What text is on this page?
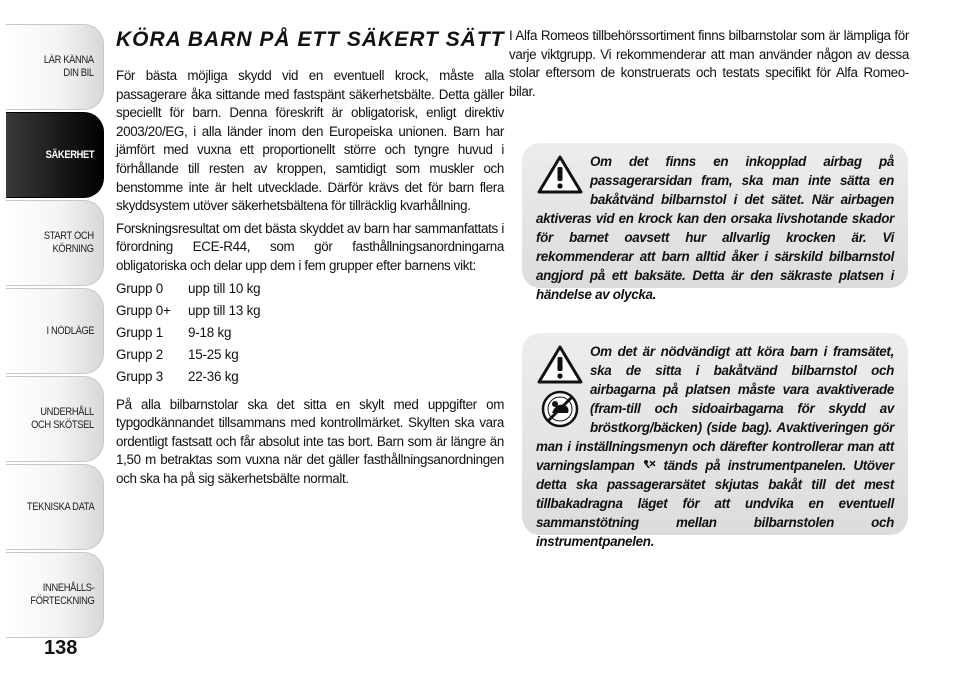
LÄR KÄNNA
DIN BIL
SÄKERHET
START OCH
KÖRNING
I NÖDLÄGE
UNDERHÅLL
OCH SKÖTSEL
TEKNISKA DATA
INNEHÅLLS-
FÖRTECKNING
138
KÖRA BARN PÅ ETT SÄKERT SÄTT

För bästa möjliga skydd vid en eventuell krock, måste alla passagerare åka sittande med fastspänt säkerhetsbälte. Detta gäller speciellt för barn. Denna föreskrift är obligatorisk, enligt direktiv 2003/20/EG, i alla länder inom den Europeiska unionen. Barn har jämfört med vuxna ett proportionellt större och tyngre huvud i förhållande till resten av kroppen, samtidigt som muskler och benstomme inte är helt utvecklade. Därför krävs det för barn flera skyddsystem utöver säkerhetsbältena för tillräcklig kvarhållning.

Forskningsresultat om det bästa skyddet av barn har sammanfattats i förordning ECE-R44, som gör fasthållningsanordningarna obligatoriska och delar upp dem i fem grupper efter barnens vikt:

Grupp 0	upp till 10 kg
Grupp 0+	upp till 13 kg
Grupp 1	9-18 kg
Grupp 2	15-25 kg
Grupp 3	22-36 kg

På alla bilbarnstolar ska det sitta en skylt med uppgifter om typgodkännandet tillsammans med kontrollmärket. Skylten ska vara ordentligt fastsatt och får absolut inte tas bort. Barn som är längre än 1,50 m betraktas som vuxna när det gäller fasthållningsanordningen och ska ha på sig säkerhetsbälte normalt.

I Alfa Romeos tillbehörssortiment finns bilbarnstolar som är lämpliga för varje viktgrupp. Vi rekommenderar att man använder någon av dessa stolar eftersom de konstruerats och testats specifikt för Alfa Romeo-bilar.

Om det finns en inkopplad airbag på passagerarsidan fram, ska man inte sätta en bakåtvänd bilbarnstol i det sätet. När airbagen aktiveras vid en krock kan den orsaka livshotande skador för barnet oavsett hur allvarlig krocken är. Vi rekommenderar att barn alltid åker i särskild bilbarnstol angjord på ett baksäte. Detta är den säkraste platsen i händelse av olycka.

Om det är nödvändigt att köra barn i framsätet, ska de sitta i bakåtvänd bilbarnstol och airbagarna på platsen måste vara avaktiverade (fram-till och sidoairbagarna för skydd av bröstkorg/bäcken) (side bag). Avaktiveringen gör man i inställningsmenyn och därefter kontrollerar man att varningslampan  tänds på instrumentpanelen. Utöver detta ska passagerarsätet skjutas bakåt till det mest tillbakadragna läget för att undvika en eventuell sammanstötning mellan bilbarnstolen och instrumentpanelen.
